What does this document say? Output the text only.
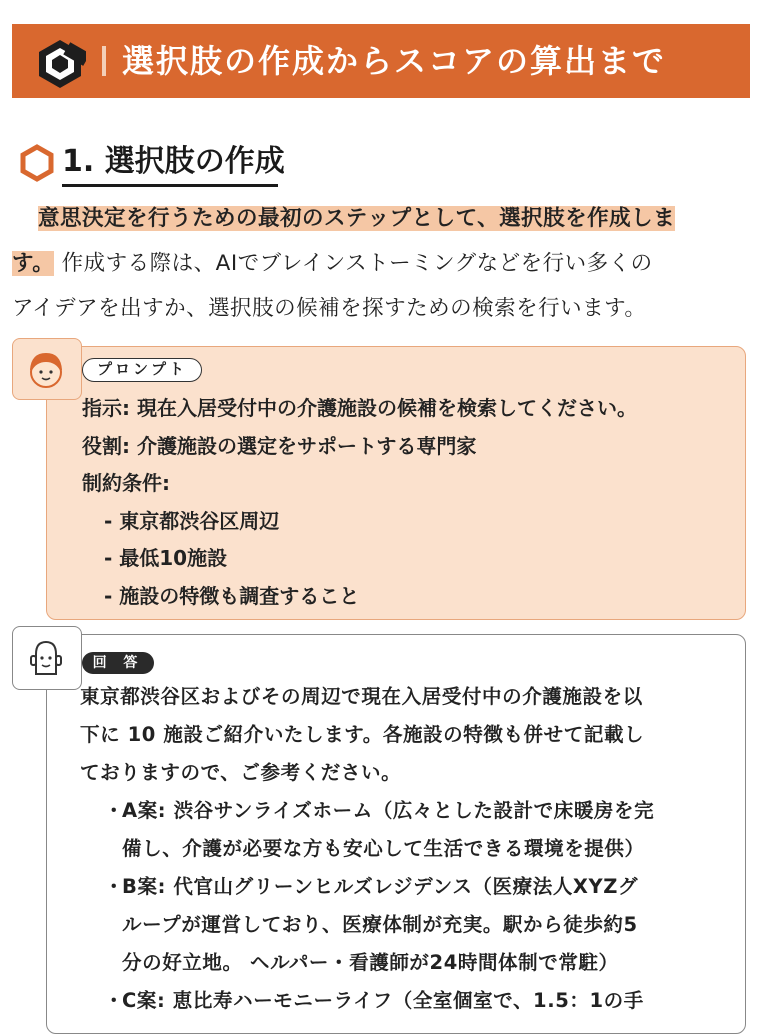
選択肢の作成からスコアの算出まで
1. 選択肢の作成

意思決定を行うための最初のステップとして、選択肢を作成しま

す。 作成する際は、AIでブレインストーミングなどを行い多くの

アイデアを出すか、選択肢の候補を探すための検索を行います。

プロンプト
指示: 現在入居受付中の介護施設の候補を検索してください。
役割: 介護施設の選定をサポートする専門家
制約条件:
- 東京都渋谷区周辺
- 最低10施設
- 施設の特徴も調査すること
回 答

東京都渋谷区およびその周辺で現在入居受付中の介護施設を以

下に 10 施設ご紹介いたします。各施設の特徴も併せて記載し

ておりますので、ご参考ください。

・
A案: 渋谷サンライズホーム（広々とした設計で床暖房を完
備し、介護が必要な方も安心して生活できる環境を提供）
・
B案: 代官山グリーンヒルズレジデンス（医療法人XYZグ
ループが運営しており、医療体制が充実。駅から徒歩約5
分の好立地。 ヘルパー・看護師が24時間体制で常駐）
・
C案: 恵比寿ハーモニーライフ（全室個室で、1.5：1の手
